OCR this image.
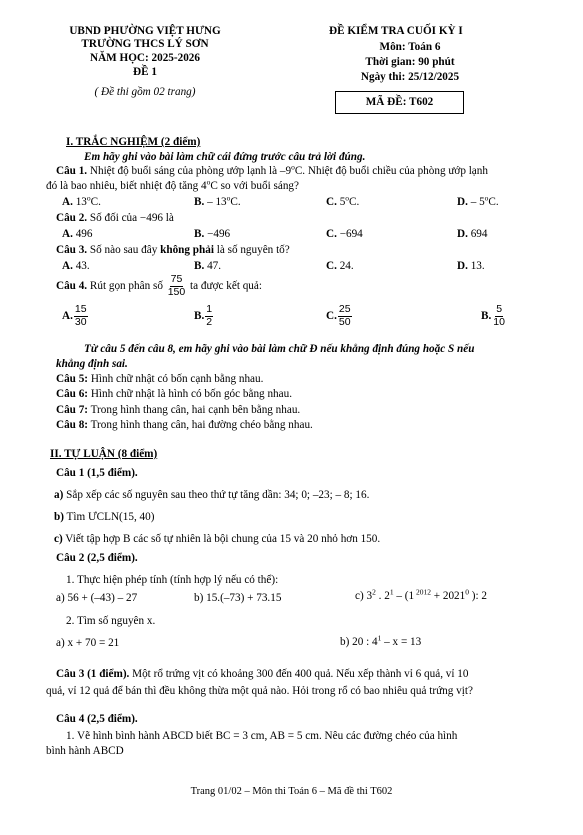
UBND PHƯỜNG VIỆT HƯNG
TRƯỜNG THCS LÝ SƠN
NĂM HỌC: 2025-2026
ĐỀ 1
( Đề thi gồm 02 trang)
ĐỀ KIỂM TRA CUỐI KỲ I
Môn: Toán 6
Thời gian: 90 phút
Ngày thi: 25/12/2025
MÃ ĐỀ: T602
I. TRẮC NGHIỆM (2 điểm)
Em hãy ghi vào bài làm chữ cái đứng trước câu trả lời đúng.
Câu 1. Nhiệt độ buổi sáng của phòng ướp lạnh là –9$^o$C. Nhiệt độ buổi chiều của phòng ướp lạnh
đó là bao nhiêu, biết nhiệt độ tăng 4$^o$C so với buổi sáng?
A. 13$^o$C.	B. – 13$^o$C.	C. 5$^o$C.	D. – 5$^o$C.
Câu 2. Số đối của −496 là
A. 496	B. −496	C. −694	D. 694
Câu 3. Số nào sau đây không phải là số nguyên tố?
A. 43.	B. 47.	C. 24.	D. 13.
Câu 4. Rút gọn phân số $\frac{75}{150}$ ta được kết quả:
A. $\frac{15}{30}$	B. $\frac{1}{2}$	C. $\frac{25}{50}$	B. $\frac{5}{10}$
Từ câu 5 đến câu 8, em hãy ghi vào bài làm chữ Đ nếu khẳng định đúng hoặc S nếu
khẳng định sai.
Câu 5: Hình chữ nhật có bốn cạnh bằng nhau.
Câu 6: Hình chữ nhật là hình có bốn góc bằng nhau.
Câu 7: Trong hình thang cân, hai cạnh bên bằng nhau.
Câu 8: Trong hình thang cân, hai đường chéo bằng nhau.
II. TỰ LUẬN (8 điểm)
Câu 1 (1,5 điểm).
a) Sắp xếp các số nguyên sau theo thứ tự tăng dần: 34; 0; –23; – 8; 16.
b) Tìm ƯCLN(15, 40)
c) Viết tập hợp B các số tự nhiên là bội chung của 15 và 20 nhỏ hơn 150.
Câu 2 (2,5 điểm).
1. Thực hiện phép tính (tính hợp lý nếu có thể):
a) 56 + (–43) – 27	b) 15.(–73) + 73.15	c) $3^2$ . $2^1 - (1$ $^{2012} + 2021^0$ ): 2
2. Tìm số nguyên x.
a) x + 70 = 21	b) 20 : $4^1 - x = 13$
Câu 3 (1 điểm). Một rổ trứng vịt có khoảng 300 đến 400 quả. Nếu xếp thành vỉ 6 quả, vỉ 10
quả, vỉ 12 quả để bán thì đều không thừa một quả nào. Hỏi trong rổ có bao nhiêu quả trứng vịt?
Câu 4 (2,5 điểm).
1. Vẽ hình bình hành ABCD biết BC = 3 cm, AB = 5 cm. Nêu các đường chéo của hình
bình hành ABCD
Trang 01/02 – Môn thi Toán 6 – Mã đề thi T602
